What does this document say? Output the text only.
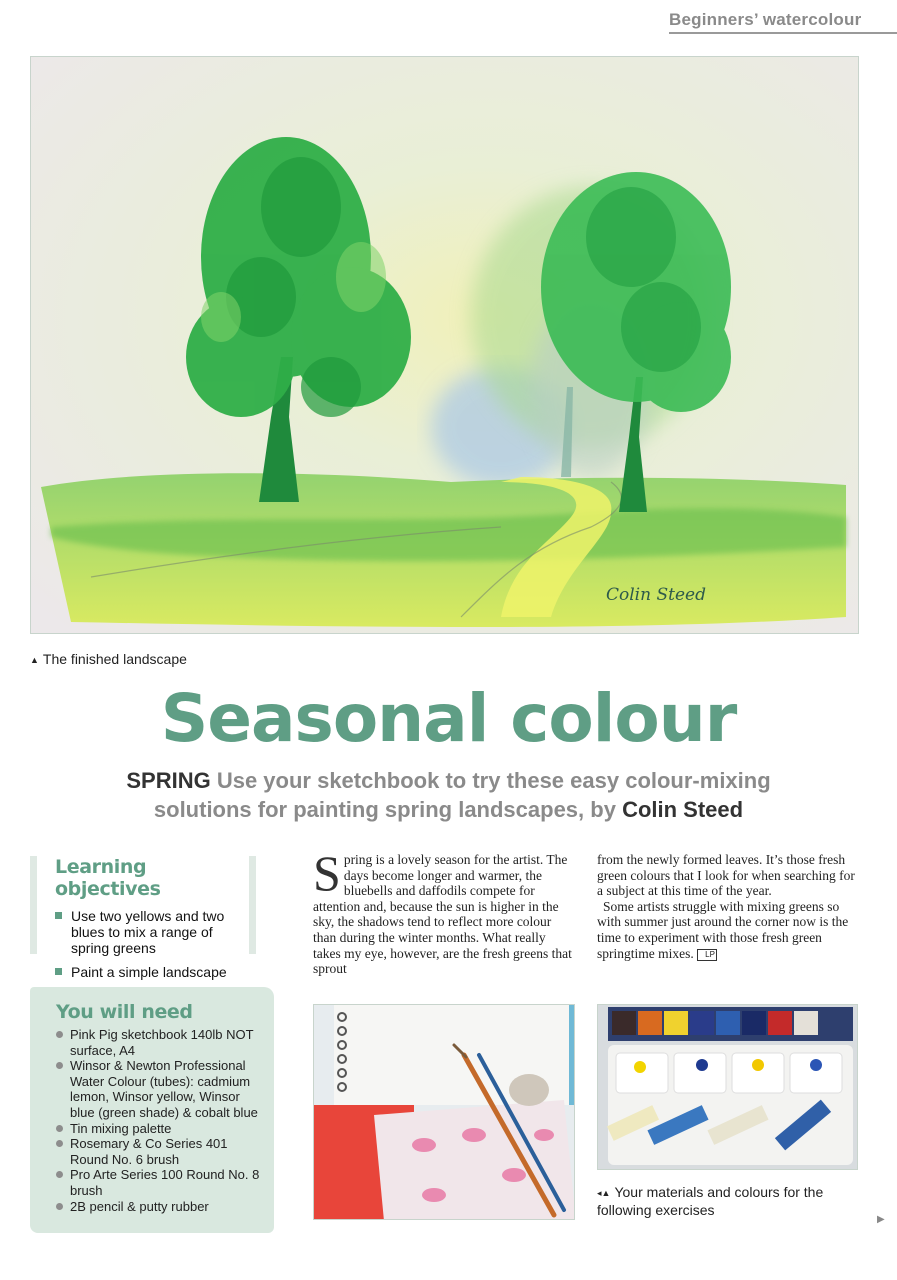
Beginners’ watercolour
Colin Steed
▲ The finished landscape
Seasonal colour
SPRING Use your sketchbook to try these easy colour-mixing solutions for painting spring landscapes, by Colin Steed
Learning objectives
Use two yellows and two blues to mix a range of spring greens
Paint a simple landscape
You will need
Pink Pig sketchbook 140lb NOT surface, A4
Winsor & Newton Professional Water Colour (tubes): cadmium lemon, Winsor yellow, Winsor blue (green shade) & cobalt blue
Tin mixing palette
Rosemary & Co Series 401 Round No. 6 brush
Pro Arte Series 100 Round No. 8 brush
2B pencil & putty rubber

Spring is a lovely season for the artist. The days become longer and warmer, the bluebells and daffodils compete for attention and, because the sun is higher in the sky, the shadows tend to reflect more colour than during the winter months. What really takes my eye, however, are the fresh greens that sprout

from the newly formed leaves. It’s those fresh green colours that I look for when searching for a subject at this time of the year.

Some artists struggle with mixing greens so with summer just around the corner now is the time to experiment with those fresh green springtime mixes. LP

◂▲ Your materials and colours for the following exercises
▶
